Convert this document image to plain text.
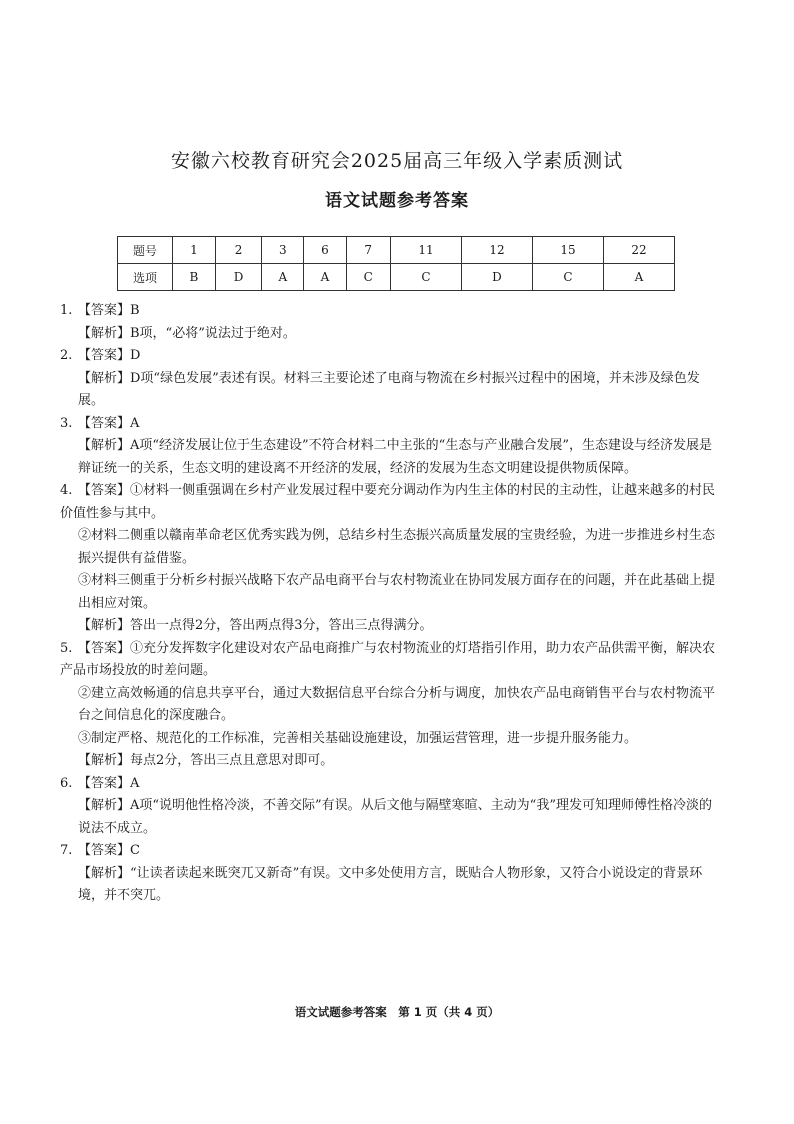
安徽六校教育研究会2025届高三年级入学素质测试
语文试题参考答案
题号	1	2	3	6	7	11	12	15	22
选项	B	D	A	A	C	C	D	C	A
1. 【答案】B

【解析】B项，“必将”说法过于绝对。

2. 【答案】D

【解析】D项“绿色发展”表述有误。材料三主要论述了电商与物流在乡村振兴过程中的困境，并未涉及绿色发展。

3. 【答案】A

【解析】A项“经济发展让位于生态建设”不符合材料二中主张的“生态与产业融合发展”，生态建设与经济发展是辩证统一的关系，生态文明的建设离不开经济的发展，经济的发展为生态文明建设提供物质保障。

4. 【答案】①材料一侧重强调在乡村产业发展过程中要充分调动作为内生主体的村民的主动性，让越来越多的村民价值性参与其中。

②材料二侧重以赣南革命老区优秀实践为例，总结乡村生态振兴高质量发展的宝贵经验，为进一步推进乡村生态振兴提供有益借鉴。

③材料三侧重于分析乡村振兴战略下农产品电商平台与农村物流业在协同发展方面存在的问题，并在此基础上提出相应对策。

【解析】答出一点得2分，答出两点得3分，答出三点得满分。

5. 【答案】①充分发挥数字化建设对农产品电商推广与农村物流业的灯塔指引作用，助力农产品供需平衡，解决农产品市场投放的时差问题。

②建立高效畅通的信息共享平台，通过大数据信息平台综合分析与调度，加快农产品电商销售平台与农村物流平台之间信息化的深度融合。

③制定严格、规范化的工作标准，完善相关基础设施建设，加强运营管理，进一步提升服务能力。

【解析】每点2分，答出三点且意思对即可。

6. 【答案】A

【解析】A项“说明他性格冷淡，不善交际”有误。从后文他与隔壁寒暄、主动为“我”理发可知理师傅性格冷淡的说法不成立。

7. 【答案】C

【解析】“让读者读起来既突兀又新奇”有误。文中多处使用方言，既贴合人物形象，又符合小说设定的背景环境，并不突兀。

语文试题参考答案　第 1 页（共 4 页）
